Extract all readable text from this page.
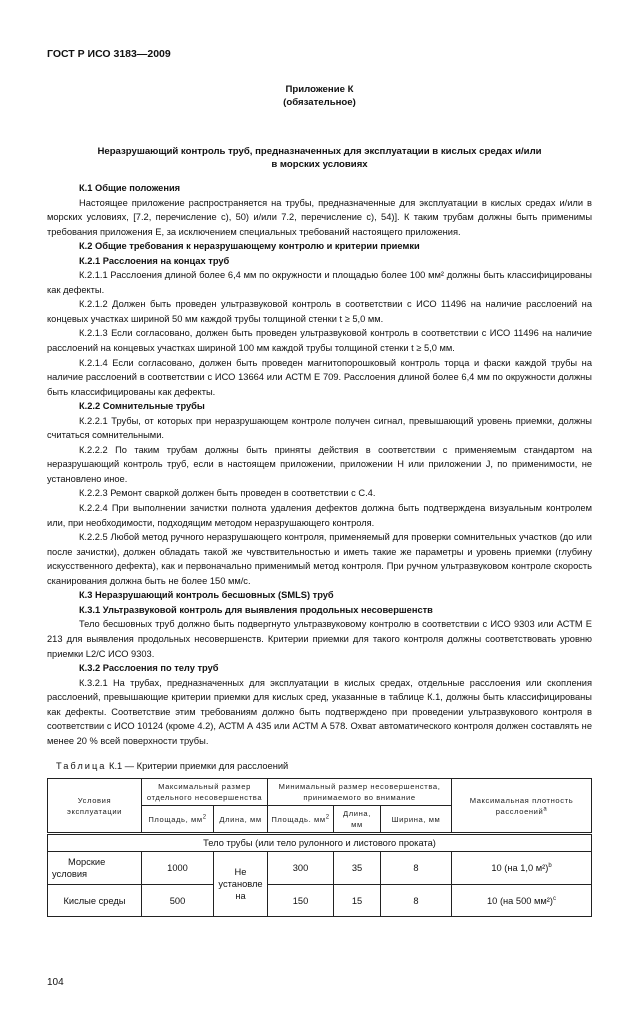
ГОСТ Р ИСО 3183—2009
Приложение К
(обязательное)
Неразрушающий контроль труб, предназначенных для эксплуатации в кислых средах и/или
в морских условиях

К.1 Общие положения

Настоящее приложение распространяется на трубы, предназначенные для эксплуатации в кислых средах и/или в морских условиях, [7.2, перечисление с), 50) и/или 7.2, перечисление с), 54)]. К таким трубам должны быть применимы требования приложения Е, за исключением специальных требований настоящего приложения.

К.2 Общие требования к неразрушающему контролю и критерии приемки

К.2.1 Расслоения на концах труб

К.2.1.1 Расслоения длиной более 6,4 мм по окружности и площадью более 100 мм² должны быть классифицированы как дефекты.

К.2.1.2 Должен быть проведен ультразвуковой контроль в соответствии с ИСО 11496 на наличие расслоений на концевых участках шириной 50 мм каждой трубы толщиной стенки t ≥ 5,0 мм.

К.2.1.3 Если согласовано, должен быть проведен ультразвуковой контроль в соответствии с ИСО 11496 на наличие расслоений на концевых участках шириной 100 мм каждой трубы толщиной стенки t ≥ 5,0 мм.

К.2.1.4 Если согласовано, должен быть проведен магнитопорошковый контроль торца и фаски каждой трубы на наличие расслоений в соответствии с ИСО 13664 или АСТМ Е 709. Расслоения длиной более 6,4 мм по окружности должны быть классифицированы как дефекты.

К.2.2 Сомнительные трубы

К.2.2.1 Трубы, от которых при неразрушающем контроле получен сигнал, превышающий уровень приемки, должны считаться сомнительными.

К.2.2.2 По таким трубам должны быть приняты действия в соответствии с применяемым стандартом на неразрушающий контроль труб, если в настоящем приложении, приложении Н или приложении J, по применимости, не установлено иное.

К.2.2.3 Ремонт сваркой должен быть проведен в соответствии с С.4.

К.2.2.4 При выполнении зачистки полнота удаления дефектов должна быть подтверждена визуальным контролем или, при необходимости, подходящим методом неразрушающего контроля.

К.2.2.5 Любой метод ручного неразрушающего контроля, применяемый для проверки сомнительных участков (до или после зачистки), должен обладать такой же чувствительностью и иметь такие же параметры и уровень приемки (глубину искусственного дефекта), как и первоначально применимый метод контроля. При ручном ультразвуковом контроле скорость сканирования должна быть не более 150 мм/с.

К.3 Неразрушающий контроль бесшовных (SMLS) труб

К.3.1 Ультразвуковой контроль для выявления продольных несовершенств

Тело бесшовных труб должно быть подвергнуто ультразвуковому контролю в соответствии с ИСО 9303 или АСТМ Е 213 для выявления продольных несовершенств. Критерии приемки для такого контроля должны соответствовать уровню приемки L2/C ИСО 9303.

К.3.2 Расслоения по телу труб

К.3.2.1 На трубах, предназначенных для эксплуатации в кислых средах, отдельные расслоения или скопления расслоений, превышающие критерии приемки для кислых сред, указанные в таблице К.1, должны быть классифицированы как дефекты. Соответствие этим требованиям должно быть подтверждено при проведении ультразвукового контроля в соответствии с ИСО 10124 (кроме 4.2), АСТМ А 435 или АСТМ А 578. Охват автоматического контроля должен составлять не менее 20 % всей поверхности трубы.

Таблица К.1 — Критерии приемки для расслоений
Условия эксплуатации	Максимальный размер отдельного несовершенства		Минимальный размер несовершенства, принимаемого во внимание			Максимальная плотность расслоений$^a$
	Площадь, $мм^2$	Длина, мм	Площадь. $мм^2$	Длина, мм	Ширина, мм	
Тело трубы (или тело рулонного и листового проката)						
Морские условия	1000	Не установлена	300	35	8	10 (на 1,0 м²)$^b$
Кислые среды	500		150	15	8	10 (на 500 мм²)$^c$
104
